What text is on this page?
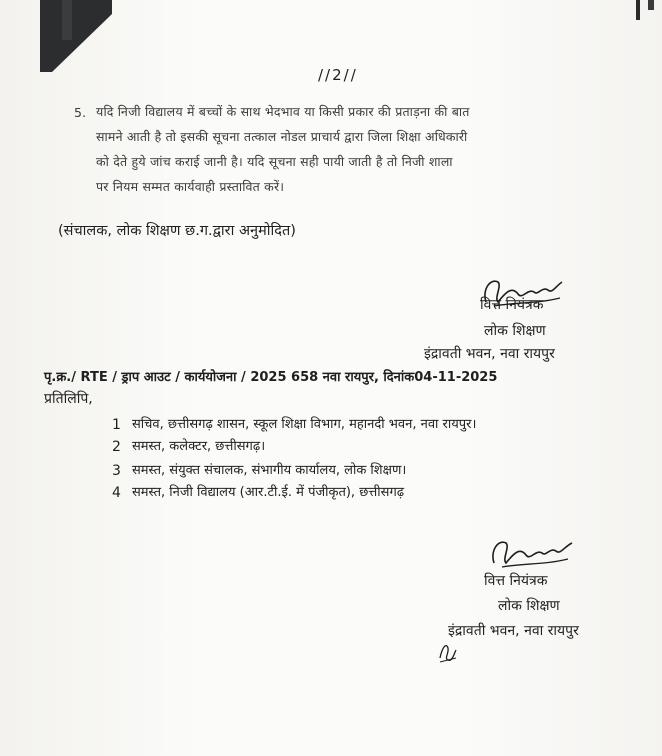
//2//
5. यदि निजी विद्यालय में बच्चों के साथ भेदभाव या किसी प्रकार की प्रताड़ना की बात
सामने आती है तो इसकी सूचना तत्काल नोडल प्राचार्य द्वारा जिला शिक्षा अधिकारी
को देते हुये जांच कराई जानी है। यदि सूचना सही पायी जाती है तो निजी शाला
पर नियम सम्मत कार्यवाही प्रस्तावित करें।
(संचालक, लोक शिक्षण छ.ग.द्वारा अनुमोदित)
वित्त नियंत्रक
लोक शिक्षण
इंद्रावती भवन, नवा रायपुर
पृ.क्र./ RTE / ड्राप आउट / कार्ययोजना / 2025 658 नवा रायपुर, दिनांक04-11-2025
प्रतिलिपि,
1 सचिव, छत्तीसगढ़ शासन, स्कूल शिक्षा विभाग, महानदी भवन, नवा रायपुर।
2 समस्त, कलेक्टर, छत्तीसगढ़।
3 समस्त, संयुक्त संचालक, संभागीय कार्यालय, लोक शिक्षण।
4 समस्त, निजी विद्यालय (आर.टी.ई. में पंजीकृत), छत्तीसगढ़
वित्त नियंत्रक
लोक शिक्षण
इंद्रावती भवन, नवा रायपुर
